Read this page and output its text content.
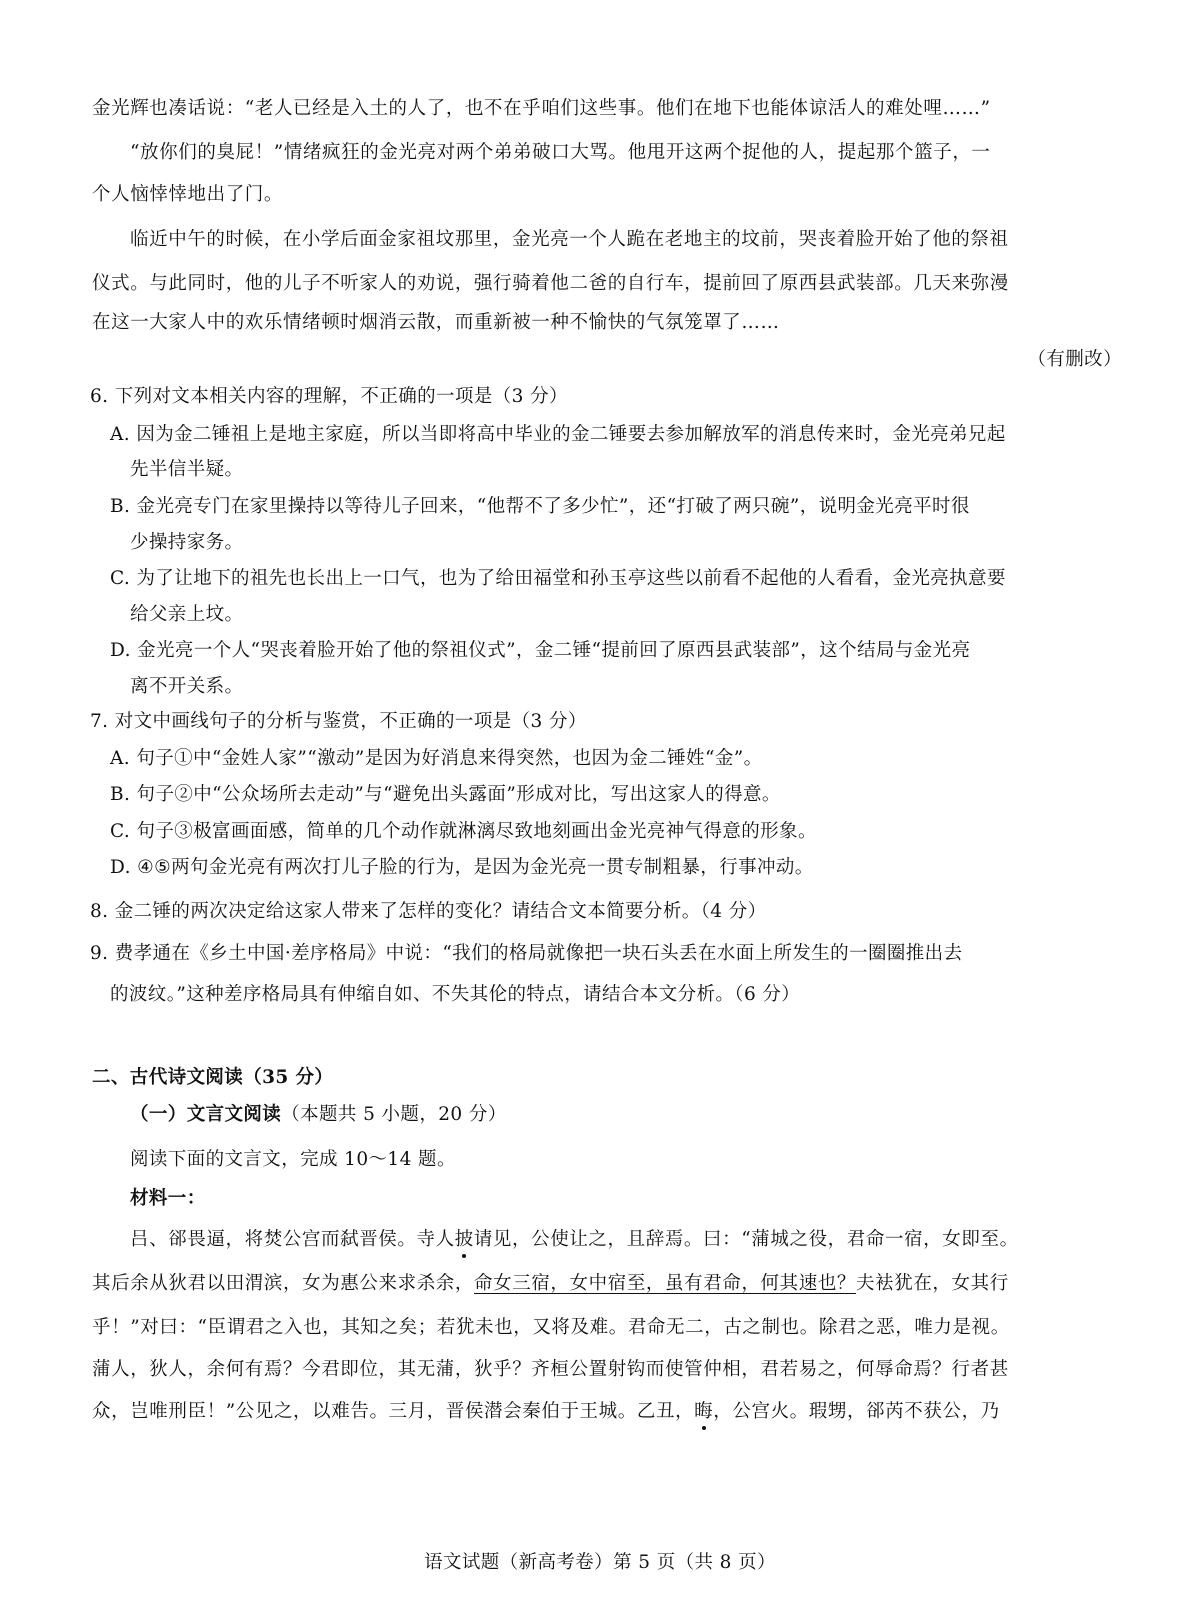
金光辉也凑话说：“老人已经是入土的人了，也不在乎咱们这些事。他们在地下也能体谅活人的难处哩……”
“放你们的臭屁！”情绪疯狂的金光亮对两个弟弟破口大骂。他甩开这两个捉他的人，提起那个篮子，一
个人恼悻悻地出了门。
临近中午的时候，在小学后面金家祖坟那里，金光亮一个人跪在老地主的坟前，哭丧着脸开始了他的祭祖
仪式。与此同时，他的儿子不听家人的劝说，强行骑着他二爸的自行车，提前回了原西县武装部。几天来弥漫
在这一大家人中的欢乐情绪顿时烟消云散，而重新被一种不愉快的气氛笼罩了……
（有删改）
6. 下列对文本相关内容的理解，不正确的一项是（3 分）
A. 因为金二锤祖上是地主家庭，所以当即将高中毕业的金二锤要去参加解放军的消息传来时，金光亮弟兄起
先半信半疑。
B. 金光亮专门在家里操持以等待儿子回来，“他帮不了多少忙”，还“打破了两只碗”，说明金光亮平时很
少操持家务。
C. 为了让地下的祖先也长出上一口气，也为了给田福堂和孙玉亭这些以前看不起他的人看看，金光亮执意要
给父亲上坟。
D. 金光亮一个人“哭丧着脸开始了他的祭祖仪式”，金二锤“提前回了原西县武装部”，这个结局与金光亮
离不开关系。
7. 对文中画线句子的分析与鉴赏，不正确的一项是（3 分）
A. 句子①中“金姓人家”“激动”是因为好消息来得突然，也因为金二锤姓“金”。
B. 句子②中“公众场所去走动”与“避免出头露面”形成对比，写出这家人的得意。
C. 句子③极富画面感，简单的几个动作就淋漓尽致地刻画出金光亮神气得意的形象。
D. ④⑤两句金光亮有两次打儿子脸的行为，是因为金光亮一贯专制粗暴，行事冲动。
8. 金二锤的两次决定给这家人带来了怎样的变化？请结合文本简要分析。（4 分）
9. 费孝通在《乡土中国·差序格局》中说：“我们的格局就像把一块石头丢在水面上所发生的一圈圈推出去
的波纹。”这种差序格局具有伸缩自如、不失其伦的特点，请结合本文分析。（6 分）
二、古代诗文阅读（35 分）
（一）文言文阅读（本题共 5 小题，20 分）
阅读下面的文言文，完成 10～14 题。
材料一：
吕、郤畏逼，将焚公宫而弑晋侯。寺人披请见，公使让之，且辞焉。曰：“蒲城之役，君命一宿，女即至。
其后余从狄君以田渭滨，女为惠公来求杀余，命女三宿，女中宿至，虽有君命，何其速也？夫袪犹在，女其行
乎！”对曰：“臣谓君之入也，其知之矣；若犹未也，又将及难。君命无二，古之制也。除君之恶，唯力是视。
蒲人，狄人，余何有焉？今君即位，其无蒲，狄乎？齐桓公置射钩而使管仲相，君若易之，何辱命焉？行者甚
众，岂唯刑臣！”公见之，以难告。三月，晋侯潜会秦伯于王城。乙丑，晦，公宫火。瑕甥，郤芮不获公，乃
语文试题（新高考卷）第 5 页（共 8 页）
